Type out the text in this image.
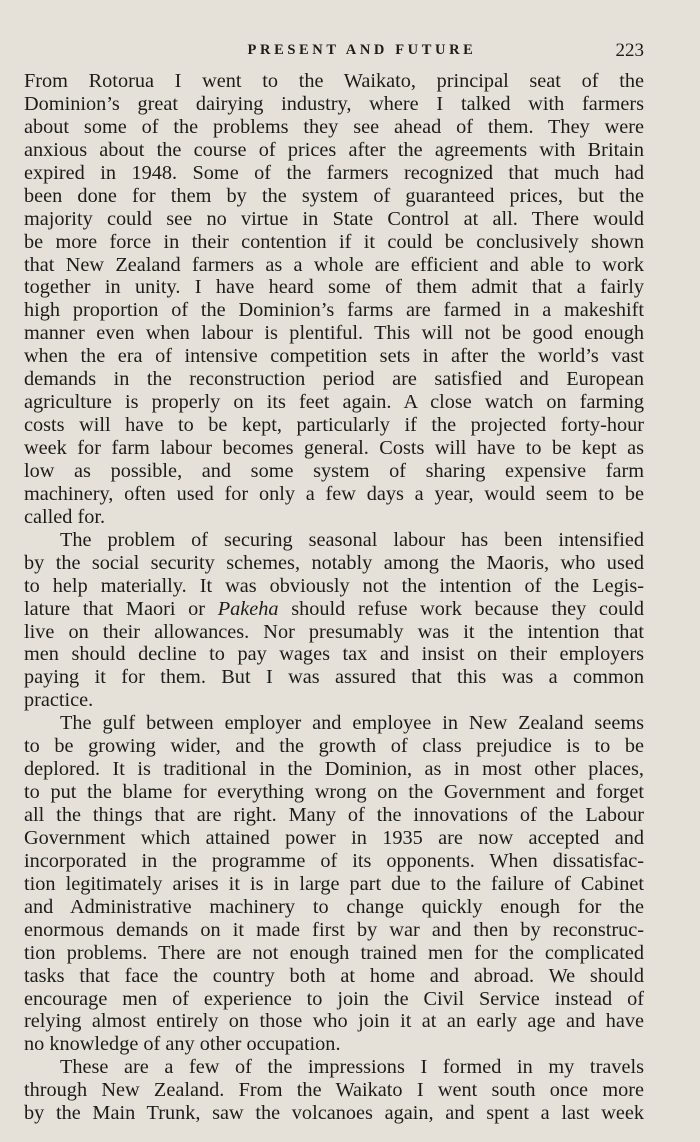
PRESENT AND FUTURE	223
From Rotorua I went to the Waikato, principal seat of the
Dominion’s great dairying industry, where I talked with farmers
about some of the problems they see ahead of them. They were
anxious about the course of prices after the agreements with Britain
expired in 1948. Some of the farmers recognized that much had
been done for them by the system of guaranteed prices, but the
majority could see no virtue in State Control at all. There would
be more force in their contention if it could be conclusively shown
that New Zealand farmers as a whole are efficient and able to work
together in unity. I have heard some of them admit that a fairly
high proportion of the Dominion’s farms are farmed in a makeshift
manner even when labour is plentiful. This will not be good enough
when the era of intensive competition sets in after the world’s vast
demands in the reconstruction period are satisfied and European
agriculture is properly on its feet again. A close watch on farming
costs will have to be kept, particularly if the projected forty-hour
week for farm labour becomes general. Costs will have to be kept as
low as possible, and some system of sharing expensive farm
machinery, often used for only a few days a year, would seem to be
called for.
The problem of securing seasonal labour has been intensified
by the social security schemes, notably among the Maoris, who used
to help materially. It was obviously not the intention of the Legis-
lature that Maori or Pakeha should refuse work because they could
live on their allowances. Nor presumably was it the intention that
men should decline to pay wages tax and insist on their employers
paying it for them. But I was assured that this was a common
practice.
The gulf between employer and employee in New Zealand seems
to be growing wider, and the growth of class prejudice is to be
deplored. It is traditional in the Dominion, as in most other places,
to put the blame for everything wrong on the Government and forget
all the things that are right. Many of the innovations of the Labour
Government which attained power in 1935 are now accepted and
incorporated in the programme of its opponents. When dissatisfac-
tion legitimately arises it is in large part due to the failure of Cabinet
and Administrative machinery to change quickly enough for the
enormous demands on it made first by war and then by reconstruc-
tion problems. There are not enough trained men for the complicated
tasks that face the country both at home and abroad. We should
encourage men of experience to join the Civil Service instead of
relying almost entirely on those who join it at an early age and have
no knowledge of any other occupation.
These are a few of the impressions I formed in my travels
through New Zealand. From the Waikato I went south once more
by the Main Trunk, saw the volcanoes again, and spent a last week
